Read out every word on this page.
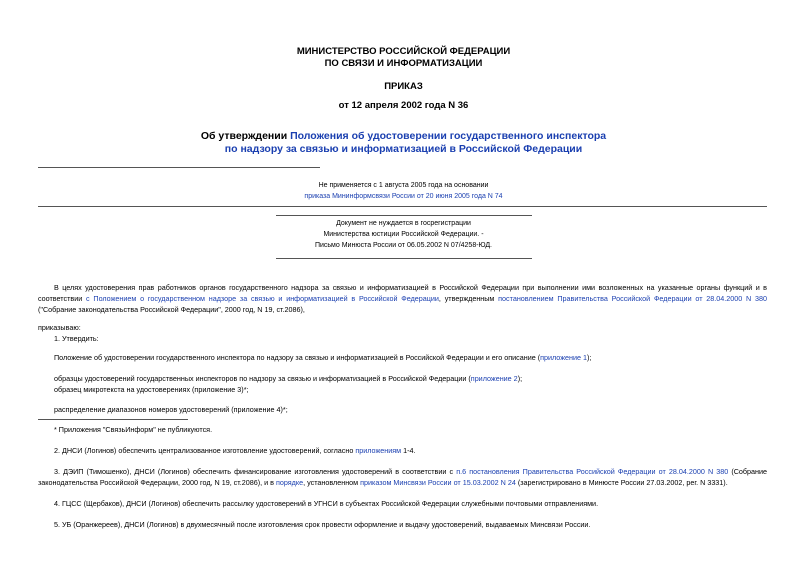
МИНИСТЕРСТВО РОССИЙСКОЙ ФЕДЕРАЦИИ
ПО СВЯЗИ И ИНФОРМАТИЗАЦИИ
ПРИКАЗ
от 12 апреля 2002 года N 36
Об утверждении Положения об удостоверении государственного инспектора
по надзору за связью и информатизацией в Российской Федерации
Не применяется с 1 августа 2005 года на основании
приказа Мининформсвязи России от 20 июня 2005 года N 74
Документ не нуждается в госрегистрации
Министерства юстиции Российской Федерации. -
Письмо Минюста России от 06.05.2002 N 07/4258-ЮД.
В целях удостоверения прав работников органов государственного надзора за связью и информатизацией в Российской Федерации при выполнении ими возложенных на указанные органы функций и в соответствии с Положением о государственном надзоре за связью и информатизацией в Российской Федерации, утвержденным постановлением Правительства Российской Федерации от 28.04.2000 N 380 ("Собрание законодательства Российской Федерации", 2000 год, N 19, ст.2086),
приказываю:
1. Утвердить:
Положение об удостоверении государственного инспектора по надзору за связью и информатизацией в Российской Федерации и его описание (приложение 1);
образцы удостоверений государственных инспекторов по надзору за связью и информатизацией в Российской Федерации (приложение 2);
образец микротекста на удостоверениях (приложение 3)*;
распределение диапазонов номеров удостоверений (приложение 4)*;
* Приложения "СвязьИнформ" не публикуются.
2. ДНСИ (Логинов) обеспечить централизованное изготовление удостоверений, согласно приложениям 1-4.
3. ДЭИП (Тимошенко), ДНСИ (Логинов) обеспечить финансирование изготовления удостоверений в соответствии с п.6 постановления Правительства Российской Федерации от 28.04.2000 N 380 (Собрание законодательства Российской Федерации, 2000 год, N 19, ст.2086), и в порядке, установленном приказом Минсвязи России от 15.03.2002 N 24 (зарегистрировано в Минюсте России 27.03.2002, рег. N 3331).
4. ГЦСС (Щербаков), ДНСИ (Логинов) обеспечить рассылку удостоверений в УГНСИ в субъектах Российской Федерации служебными почтовыми отправлениями.
5. УБ (Оранжереев), ДНСИ (Логинов) в двухмесячный после изготовления срок провести оформление и выдачу удостоверений, выдаваемых Минсвязи России.
